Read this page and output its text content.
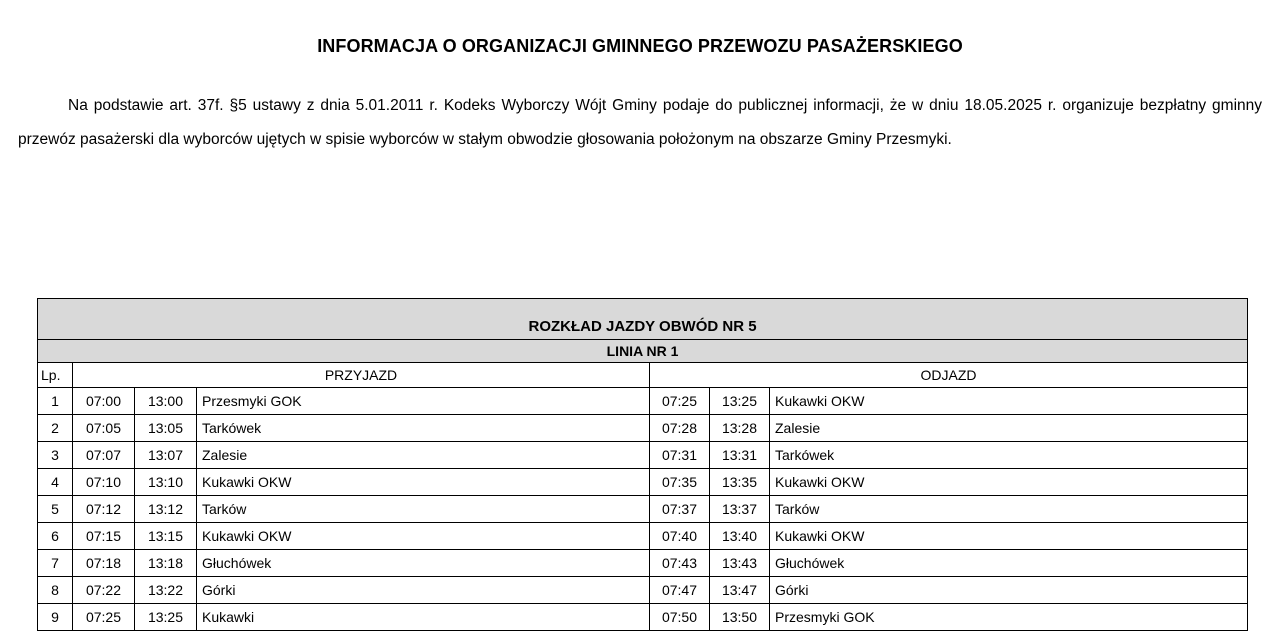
INFORMACJA O ORGANIZACJI GMINNEGO PRZEWOZU PASAŻERSKIEGO
Na podstawie art. 37f. §5 ustawy z dnia 5.01.2011 r. Kodeks Wyborczy Wójt Gminy podaje do publicznej informacji, że w dniu 18.05.2025 r. organizuje bezpłatny gminny przewóz pasażerski dla wyborców ujętych w spisie wyborców w stałym obwodzie głosowania położonym na obszarze Gminy Przesmyki.
ROZKŁAD JAZDY OBWÓD NR 5						
LINIA NR 1						
Lp.	PRZYJAZD			ODJAZD		
1	07:00	13:00	Przesmyki GOK	07:25	13:25	Kukawki OKW
2	07:05	13:05	Tarkówek	07:28	13:28	Zalesie
3	07:07	13:07	Zalesie	07:31	13:31	Tarkówek
4	07:10	13:10	Kukawki OKW	07:35	13:35	Kukawki OKW
5	07:12	13:12	Tarków	07:37	13:37	Tarków
6	07:15	13:15	Kukawki OKW	07:40	13:40	Kukawki OKW
7	07:18	13:18	Głuchówek	07:43	13:43	Głuchówek
8	07:22	13:22	Górki	07:47	13:47	Górki
9	07:25	13:25	Kukawki	07:50	13:50	Przesmyki GOK
